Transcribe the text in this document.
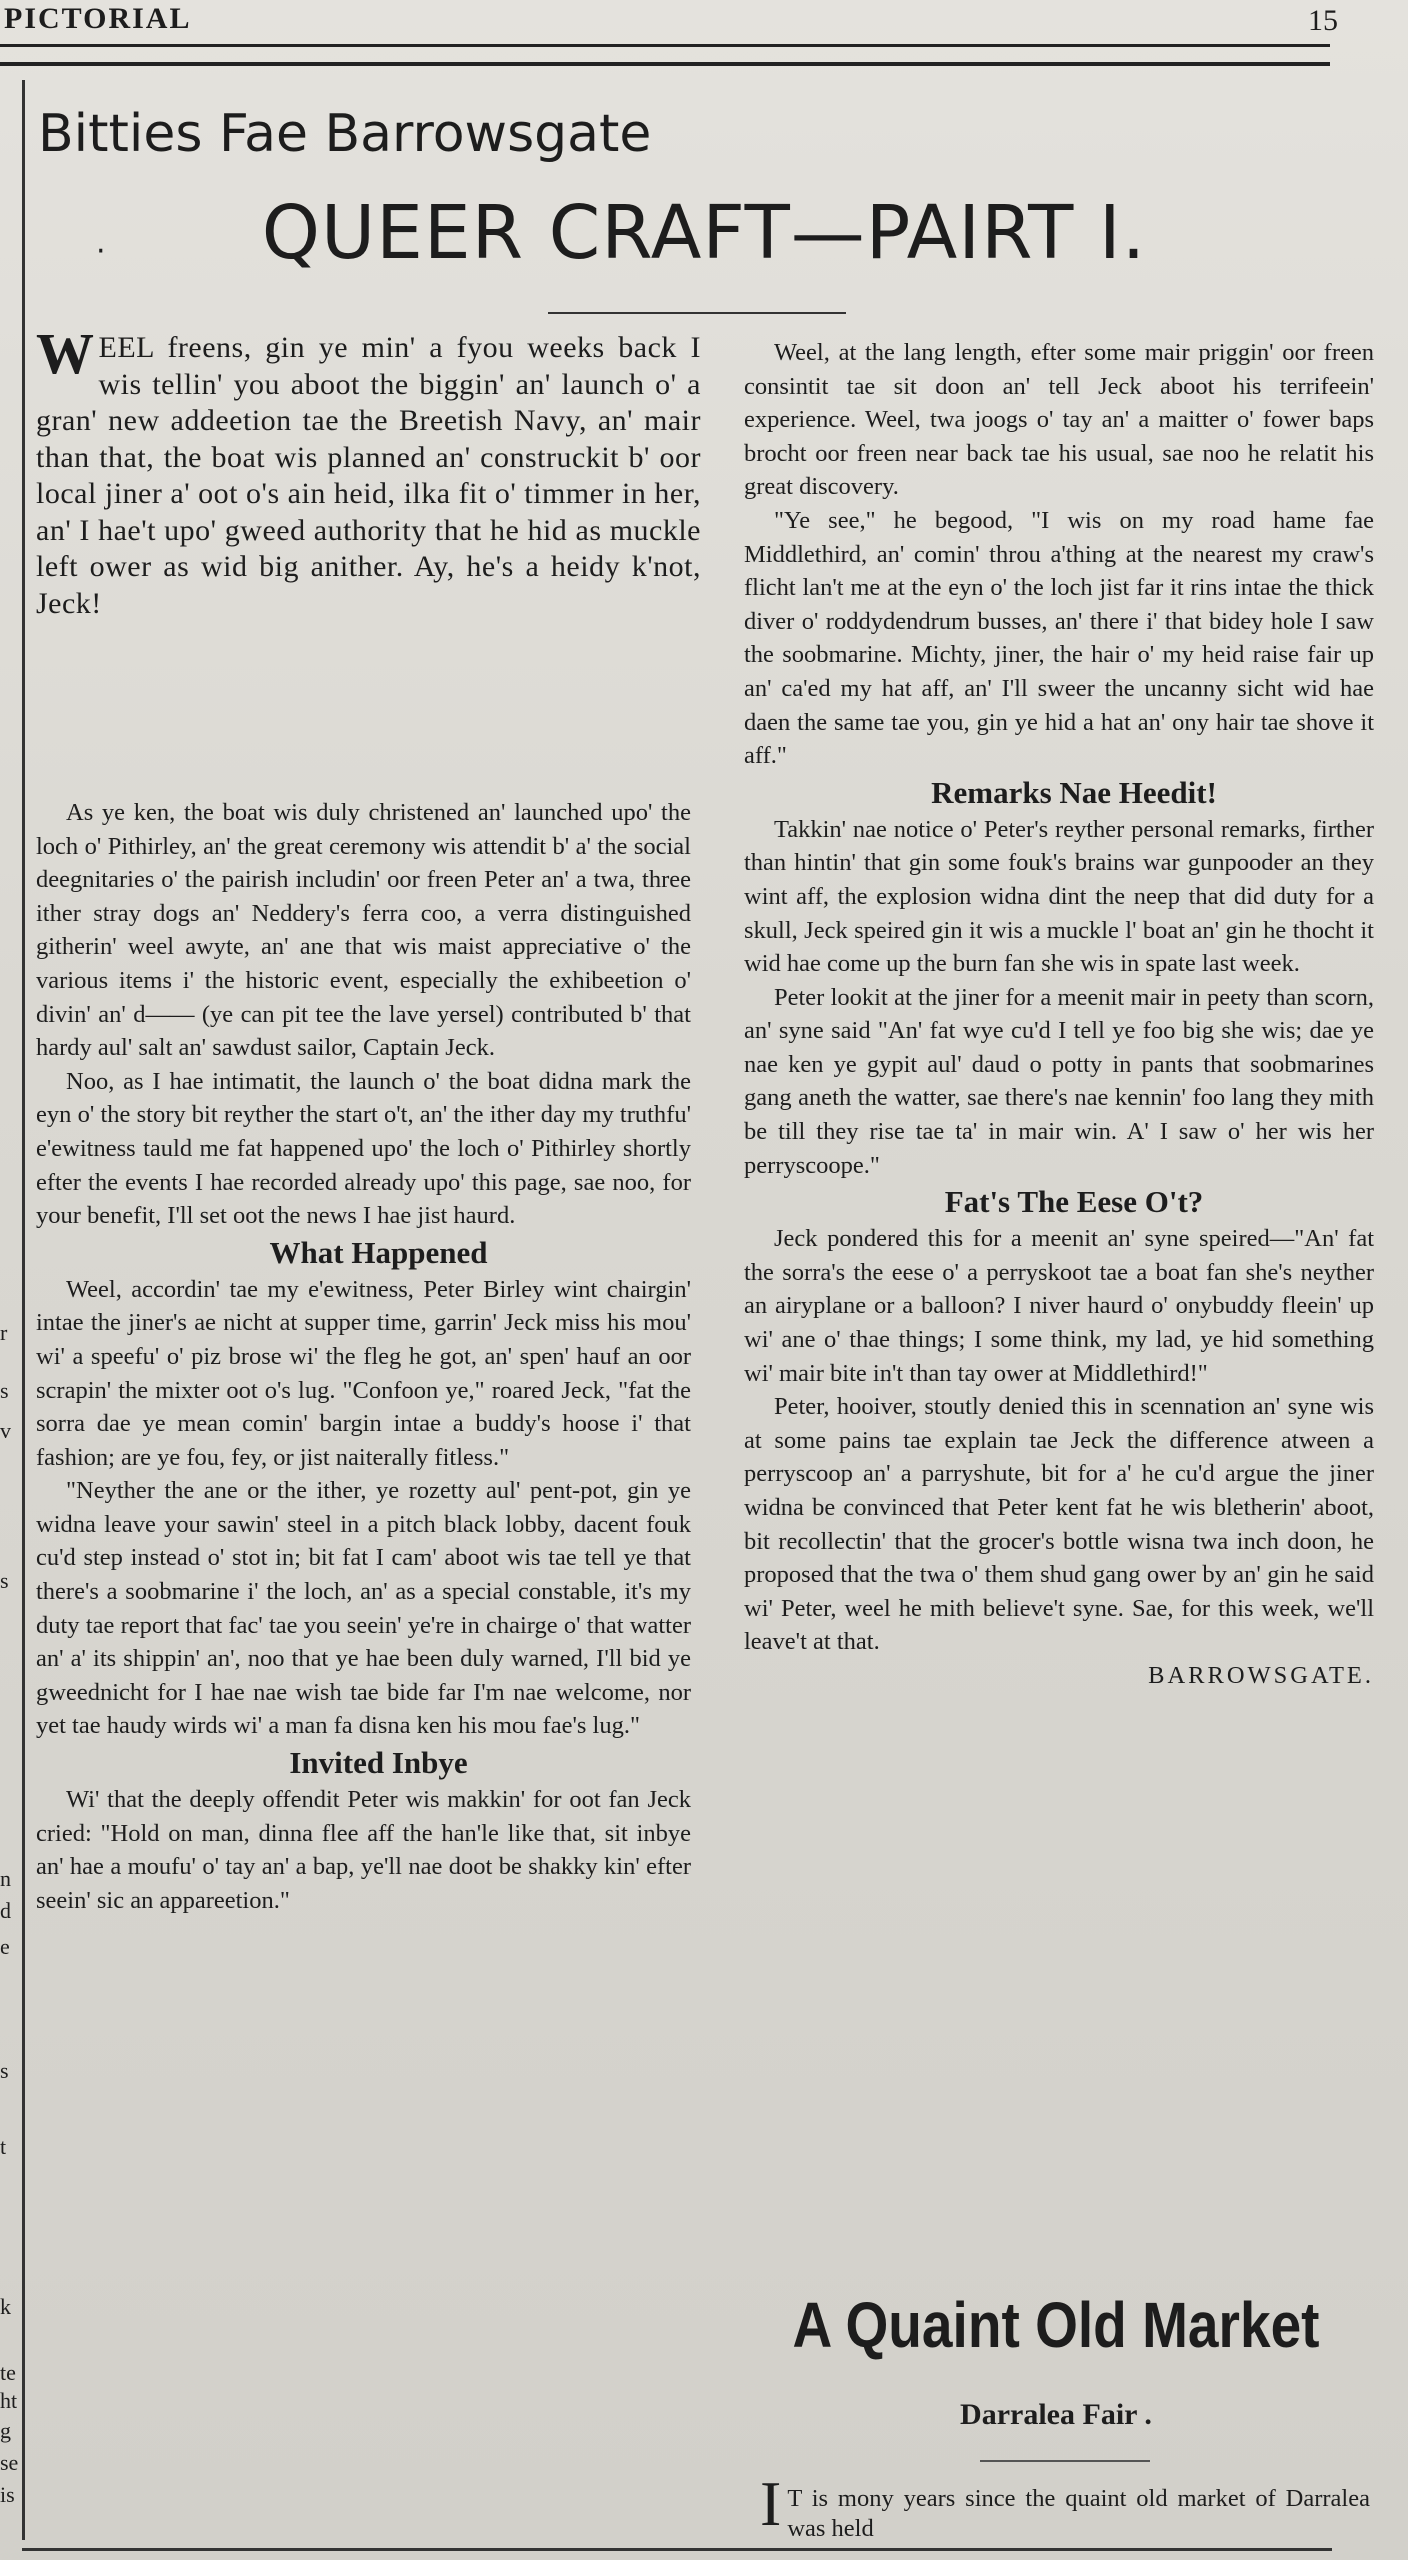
PICTORIAL	15
r
s
v
s
n
d
e
s
t
k
te
ht
g
se
is
Bitties Fae Barrowsgate
· QUEER CRAFT—PAIRT I.
WEEL freens, gin ye min' a fyou weeks back I wis tellin' you aboot the biggin' an' launch o' a gran' new addeetion tae the Breetish Navy, an' mair than that, the boat wis planned an' construckit b' oor local jiner a' oot o's ain heid, ilka fit o' timmer in her, an' I hae't upo' gweed authority that he hid as muckle left ower as wid big anither. Ay, he's a heidy k'not, Jeck!

As ye ken, the boat wis duly christened an' launched upo' the loch o' Pithirley, an' the great ceremony wis attendit b' a' the social deegnitaries o' the pairish includin' oor freen Peter an' a twa, three ither stray dogs an' Neddery's ferra coo, a verra distinguished githerin' weel awyte, an' ane that wis maist appreciative o' the various items i' the historic event, especially the exhibeetion o' divin' an' d—— (ye can pit tee the lave yersel) contributed b' that hardy aul' salt an' sawdust sailor, Captain Jeck.

Noo, as I hae intimatit, the launch o' the boat didna mark the eyn o' the story bit reyther the start o't, an' the ither day my truthfu' e'ewitness tauld me fat happened upo' the loch o' Pithirley shortly efter the events I hae recorded already upo' this page, sae noo, for your benefit, I'll set oot the news I hae jist haurd.

What Happened

Weel, accordin' tae my e'ewitness, Peter Birley wint chairgin' intae the jiner's ae nicht at supper time, garrin' Jeck miss his mou' wi' a speefu' o' piz brose wi' the fleg he got, an' spen' hauf an oor scrapin' the mixter oot o's lug. "Confoon ye," roared Jeck, "fat the sorra dae ye mean comin' bargin intae a buddy's hoose i' that fashion; are ye fou, fey, or jist naiterally fitless."

"Neyther the ane or the ither, ye rozetty aul' pent-pot, gin ye widna leave your sawin' steel in a pitch black lobby, dacent fouk cu'd step instead o' stot in; bit fat I cam' aboot wis tae tell ye that there's a soobmarine i' the loch, an' as a special constable, it's my duty tae report that fac' tae you seein' ye're in chairge o' that watter an' a' its shippin' an', noo that ye hae been duly warned, I'll bid ye gweednicht for I hae nae wish tae bide far I'm nae welcome, nor yet tae haudy wirds wi' a man fa disna ken his mou fae's lug."

Invited Inbye

Wi' that the deeply offendit Peter wis makkin' for oot fan Jeck cried: "Hold on man, dinna flee aff the han'le like that, sit inbye an' hae a moufu' o' tay an' a bap, ye'll nae doot be shakky kin' efter seein' sic an appareetion."

Weel, at the lang length, efter some mair priggin' oor freen consintit tae sit doon an' tell Jeck aboot his terrifeein' experience. Weel, twa joogs o' tay an' a maitter o' fower baps brocht oor freen near back tae his usual, sae noo he relatit his great discovery.

"Ye see," he begood, "I wis on my road hame fae Middlethird, an' comin' throu a'thing at the nearest my craw's flicht lan't me at the eyn o' the loch jist far it rins intae the thick diver o' roddydendrum busses, an' there i' that bidey hole I saw the soobmarine. Michty, jiner, the hair o' my heid raise fair up an' ca'ed my hat aff, an' I'll sweer the uncanny sicht wid hae daen the same tae you, gin ye hid a hat an' ony hair tae shove it aff."

Remarks Nae Heedit!

Takkin' nae notice o' Peter's reyther personal remarks, firther than hintin' that gin some fouk's brains war gunpooder an they wint aff, the explosion widna dint the neep that did duty for a skull, Jeck speired gin it wis a muckle l' boat an' gin he thocht it wid hae come up the burn fan she wis in spate last week.

Peter lookit at the jiner for a meenit mair in peety than scorn, an' syne said "An' fat wye cu'd I tell ye foo big she wis; dae ye nae ken ye gypit aul' daud o potty in pants that soobmarines gang aneth the watter, sae there's nae kennin' foo lang they mith be till they rise tae ta' in mair win. A' I saw o' her wis her perryscoope."

Fat's The Eese O't?

Jeck pondered this for a meenit an' syne speired—"An' fat the sorra's the eese o' a perryskoot tae a boat fan she's neyther an airyplane or a balloon? I niver haurd o' onybuddy fleein' up wi' ane o' thae things; I some think, my lad, ye hid something wi' mair bite in't than tay ower at Middlethird!"

Peter, hooiver, stoutly denied this in scennation an' syne wis at some pains tae explain tae Jeck the difference atween a perryscoop an' a parryshute, bit for a' he cu'd argue the jiner widna be convinced that Peter kent fat he wis bletherin' aboot, bit recollectin' that the grocer's bottle wisna twa inch doon, he proposed that the twa o' them shud gang ower by an' gin he said wi' Peter, weel he mith believe't syne. Sae, for this week, we'll leave't at that.

BARROWSGATE.

A Quaint Old Market
Darralea Fair .
I T is mony years since the quaint old market of Darralea was held
